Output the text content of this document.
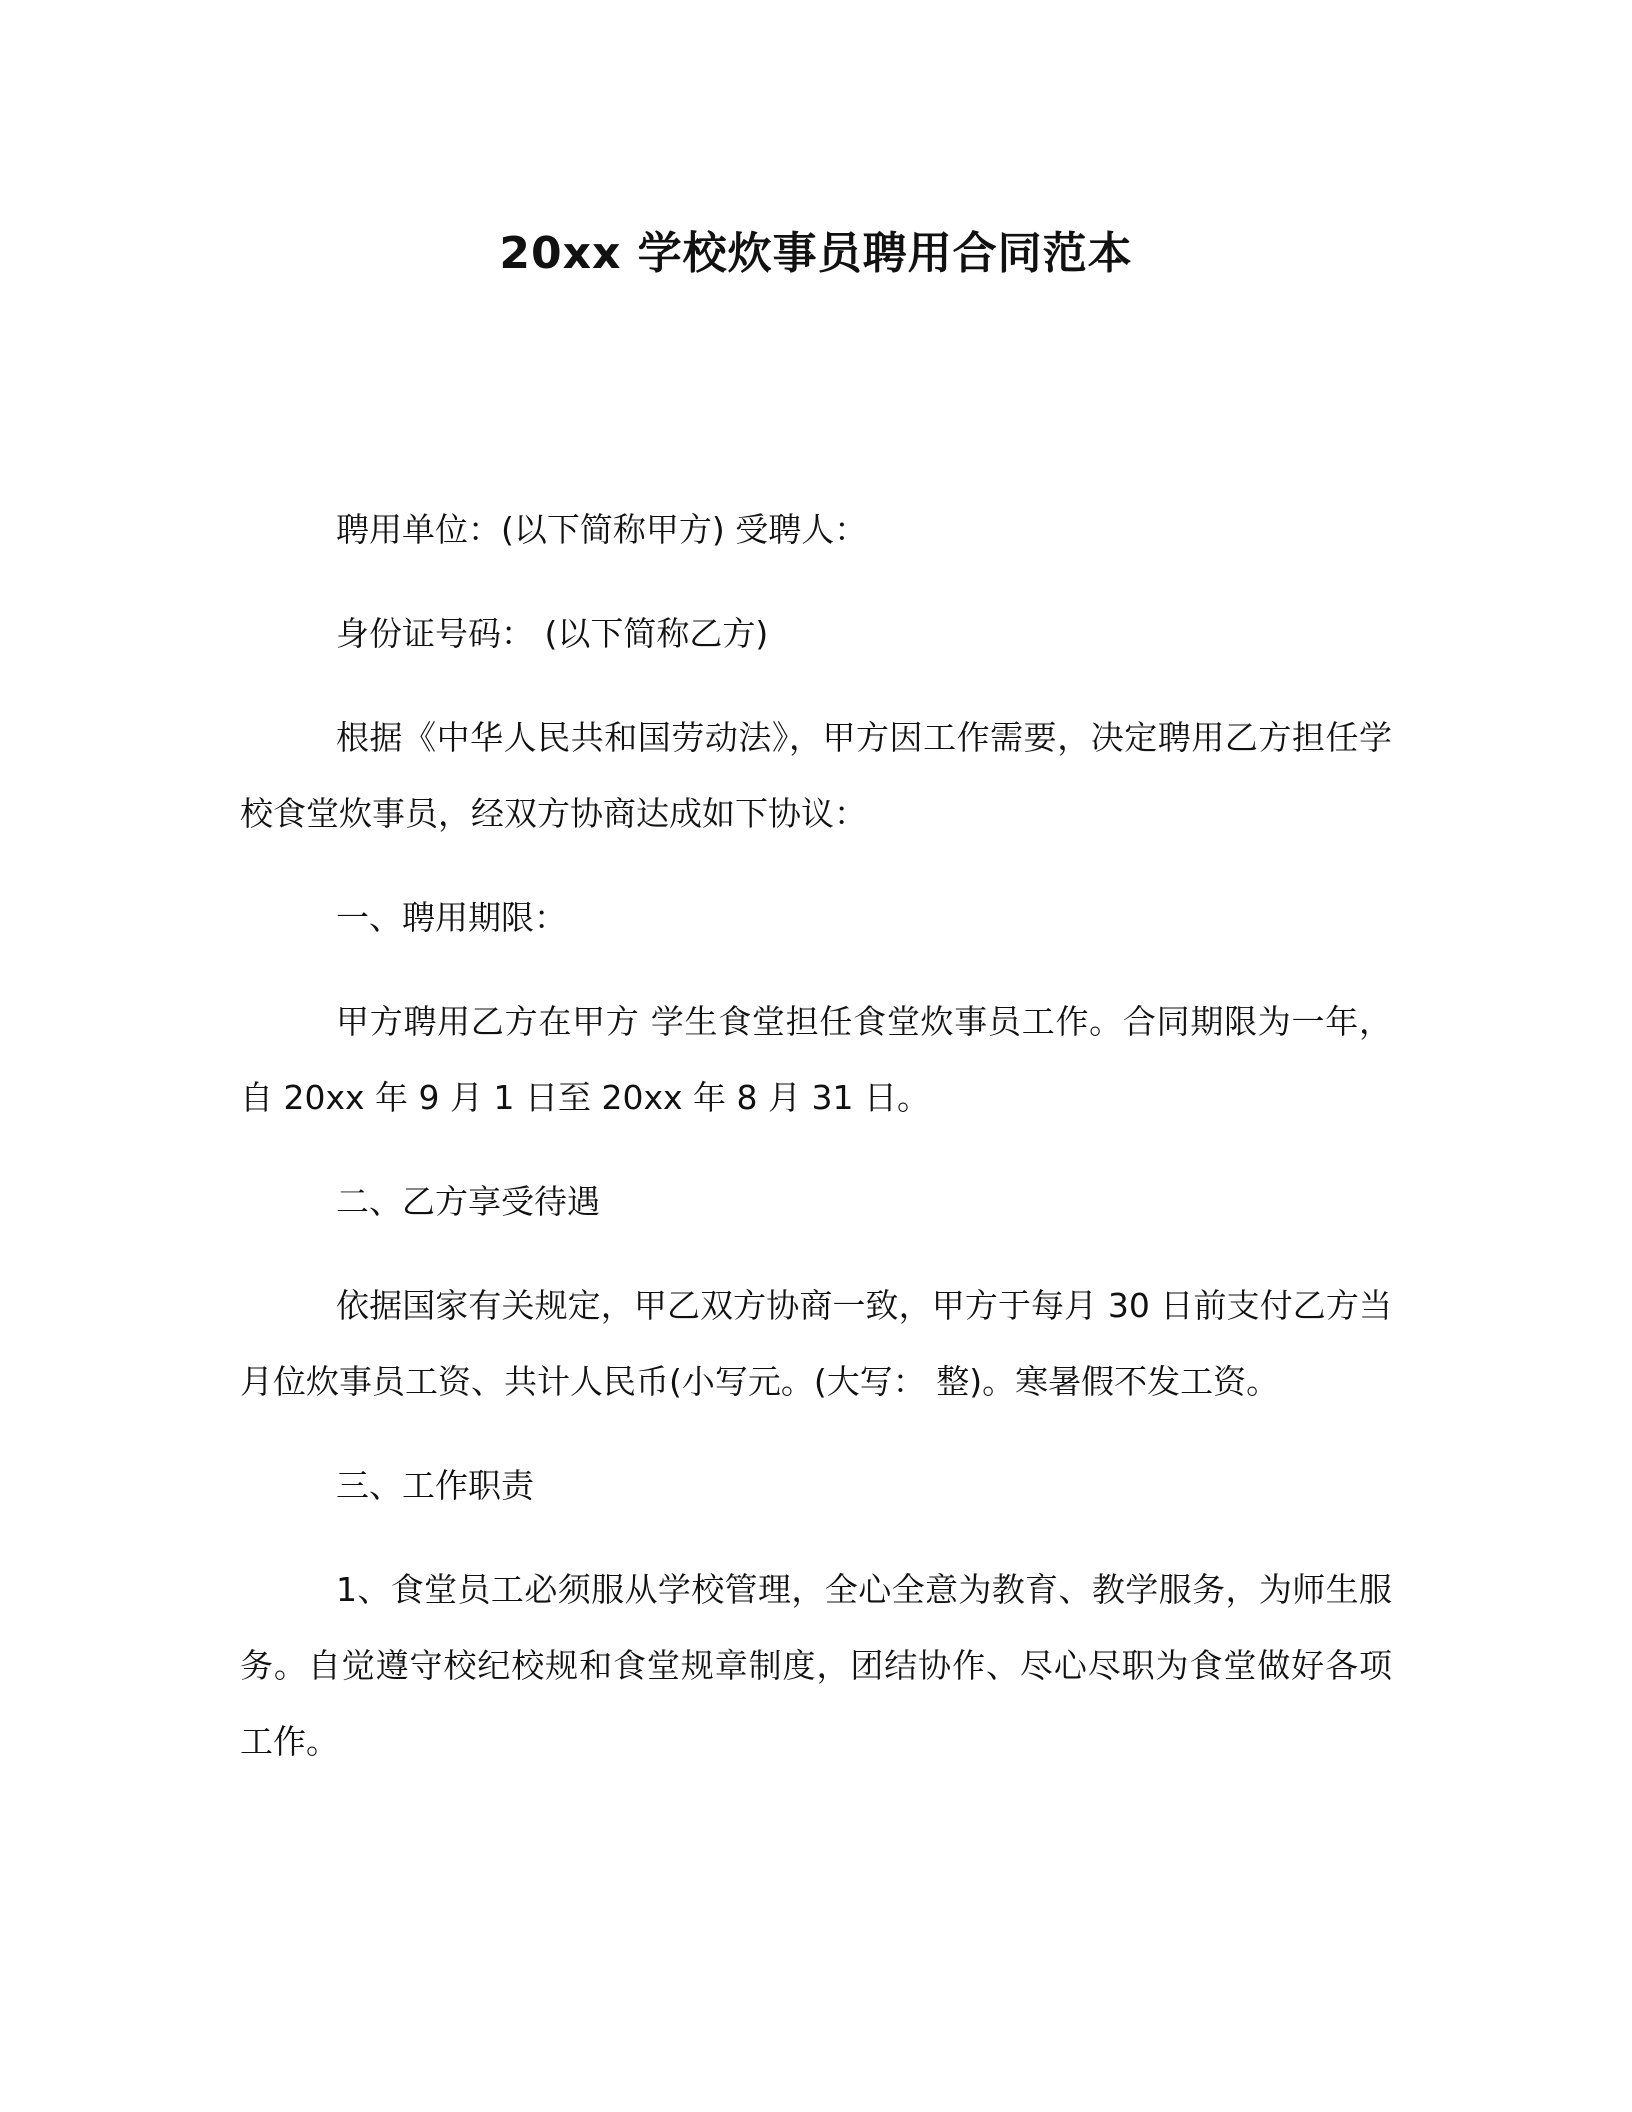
20xx 学校炊事员聘用合同范本

聘用单位：(以下简称甲方) 受聘人：

身份证号码： (以下简称乙方)

根据《中华人民共和国劳动法》，甲方因工作需要，决定聘用乙方担任学校食堂炊事员，经双方协商达成如下协议：

一、聘用期限：

甲方聘用乙方在甲方 学生食堂担任食堂炊事员工作。合同期限为一年，自 20xx 年 9 月 1 日至 20xx 年 8 月 31 日。

二、乙方享受待遇

依据国家有关规定，甲乙双方协商一致，甲方于每月 30 日前支付乙方当月位炊事员工资、共计人民币(小写元。(大写： 整)。寒暑假不发工资。

三、工作职责

1、食堂员工必须服从学校管理，全心全意为教育、教学服务，为师生服务。自觉遵守校纪校规和食堂规章制度，团结协作、尽心尽职为食堂做好各项工作。
